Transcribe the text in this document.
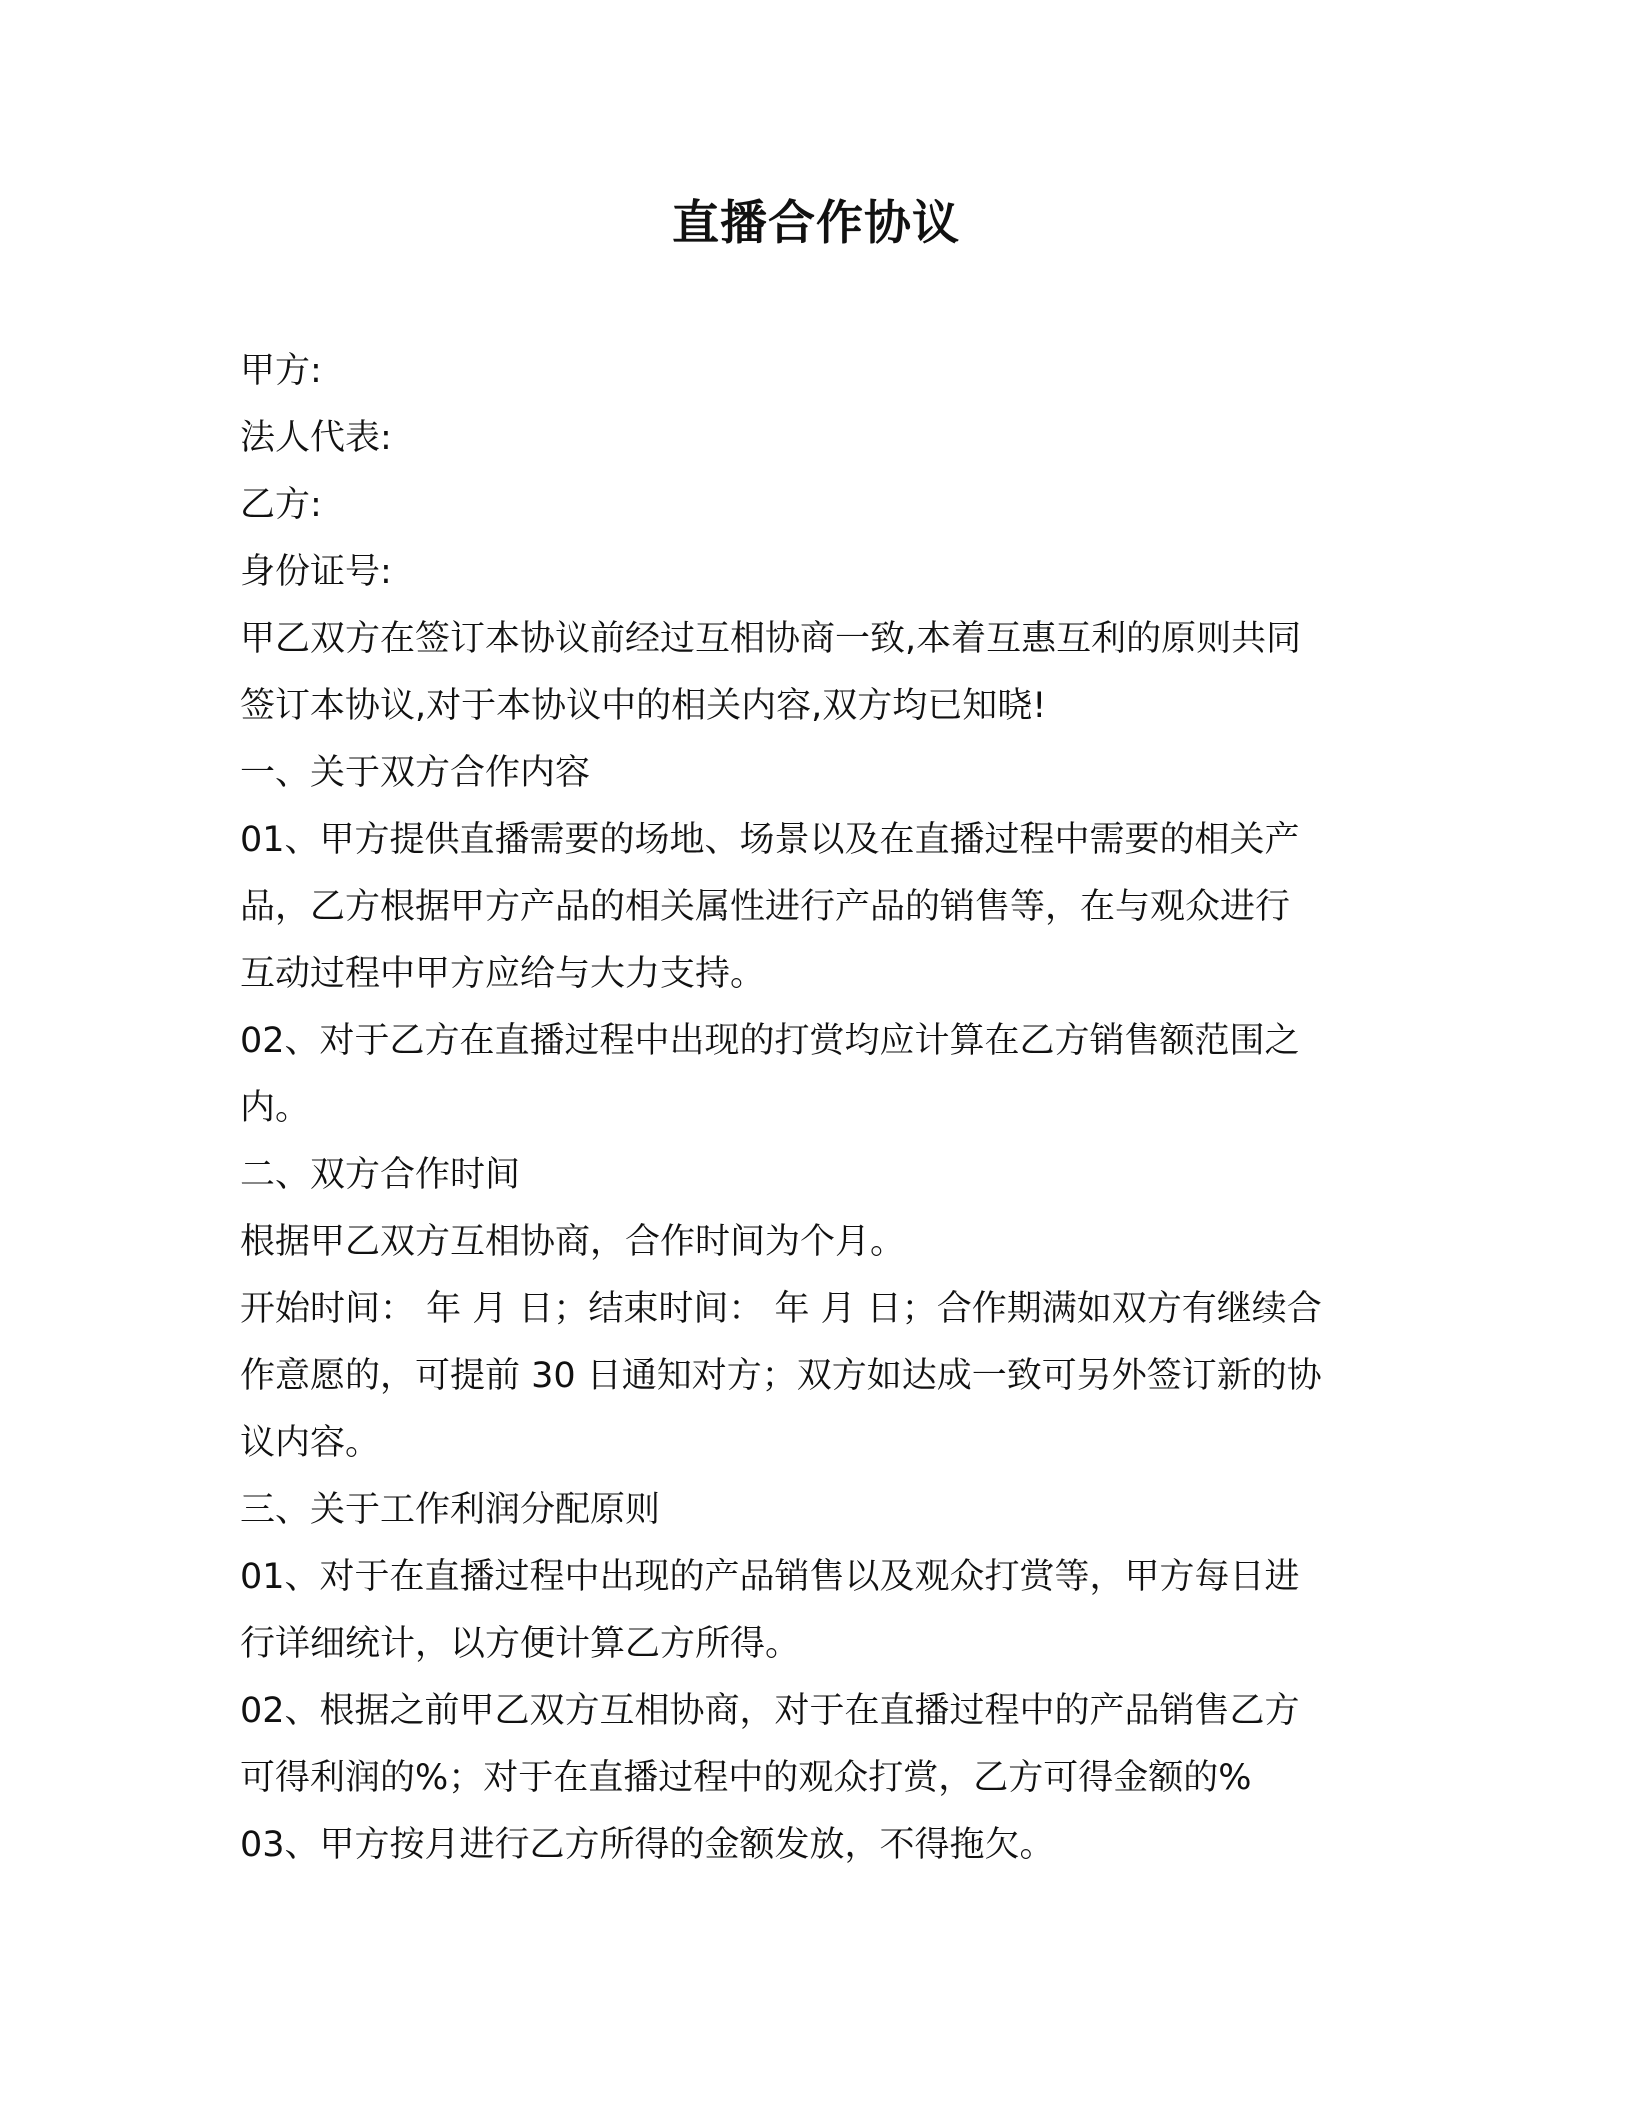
直播合作协议
甲方:
法人代表:
乙方:
身份证号:
甲乙双方在签订本协议前经过互相协商一致,本着互惠互利的原则共同
签订本协议,对于本协议中的相关内容,双方均已知晓!
一、关于双方合作内容
01、甲方提供直播需要的场地、场景以及在直播过程中需要的相关产
品，乙方根据甲方产品的相关属性进行产品的销售等，在与观众进行
互动过程中甲方应给与大力支持。
02、对于乙方在直播过程中出现的打赏均应计算在乙方销售额范围之
内。
二、双方合作时间
根据甲乙双方互相协商，合作时间为个月。
开始时间： 年 月 日；结束时间： 年 月 日；合作期满如双方有继续合
作意愿的，可提前 30 日通知对方；双方如达成一致可另外签订新的协
议内容。
三、关于工作利润分配原则
01、对于在直播过程中出现的产品销售以及观众打赏等，甲方每日进
行详细统计，以方便计算乙方所得。
02、根据之前甲乙双方互相协商，对于在直播过程中的产品销售乙方
可得利润的%；对于在直播过程中的观众打赏，乙方可得金额的%
03、甲方按月进行乙方所得的金额发放，不得拖欠。
